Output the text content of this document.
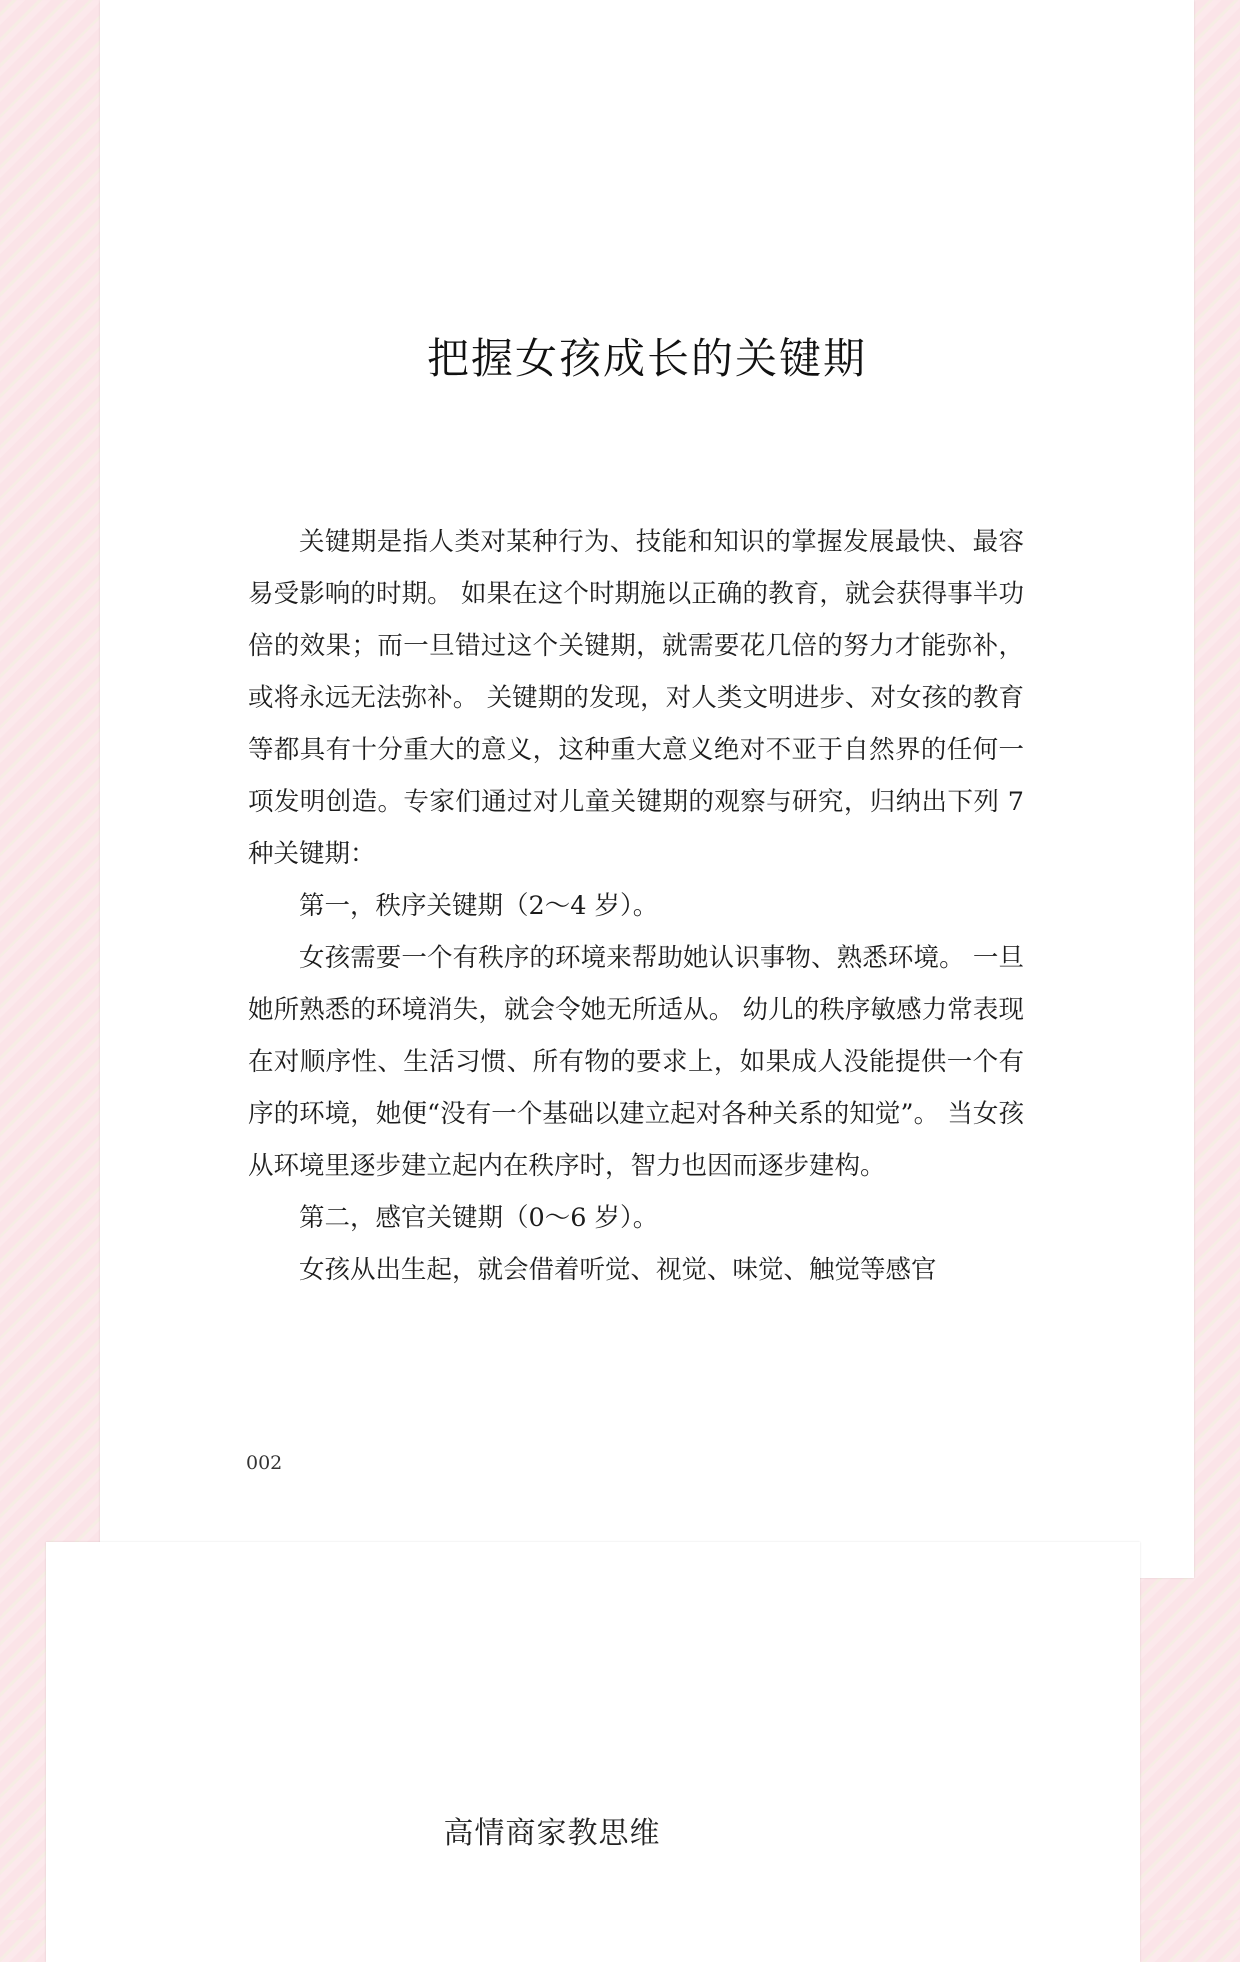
把握女孩成长的关键期

关键期是指人类对某种行为、技能和知识的掌握发展最快、最容易受影响的时期。 如果在这个时期施以正确的教育，就会获得事半功倍的效果；而一旦错过这个关键期，就需要花几倍的努力才能弥补，或将永远无法弥补。 关键期的发现，对人类文明进步、对女孩的教育等都具有十分重大的意义，这种重大意义绝对不亚于自然界的任何一项发明创造。专家们通过对儿童关键期的观察与研究，归纳出下列 7 种关键期：

第一，秩序关键期（2～4 岁）。

女孩需要一个有秩序的环境来帮助她认识事物、熟悉环境。 一旦她所熟悉的环境消失，就会令她无所适从。 幼儿的秩序敏感力常表现在对顺序性、生活习惯、所有物的要求上，如果成人没能提供一个有序的环境，她便“没有一个基础以建立起对各种关系的知觉”。 当女孩从环境里逐步建立起内在秩序时，智力也因而逐步建构。

第二，感官关键期（0～6 岁）。

女孩从出生起，就会借着听觉、视觉、味觉、触觉等感官

002
高情商家教思维
